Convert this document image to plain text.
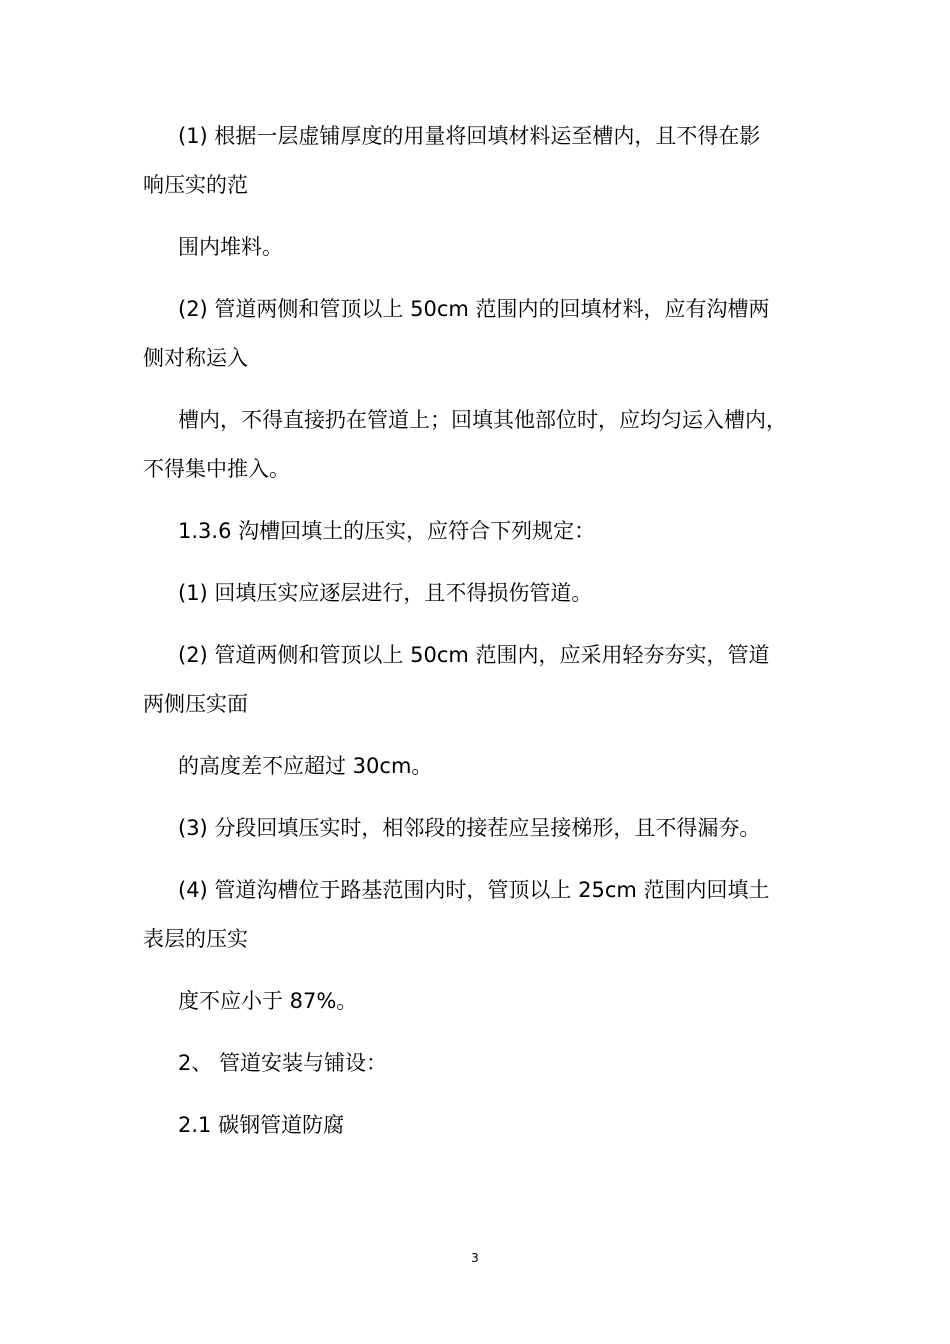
(1) 根据一层虚铺厚度的用量将回填材料运至槽内，且不得在影
响压实的范

围内堆料。

(2) 管道两侧和管顶以上 50cm 范围内的回填材料，应有沟槽两
侧对称运入

槽内，不得直接扔在管道上；回填其他部位时，应均匀运入槽内，
不得集中推入。

1.3.6 沟槽回填土的压实，应符合下列规定：

(1) 回填压实应逐层进行，且不得损伤管道。

(2) 管道两侧和管顶以上 50cm 范围内，应采用轻夯夯实，管道
两侧压实面

的高度差不应超过 30cm。

(3) 分段回填压实时，相邻段的接茬应呈接梯形，且不得漏夯。

(4) 管道沟槽位于路基范围内时，管顶以上 25cm 范围内回填土
表层的压实

度不应小于 87%。

2、 管道安装与铺设：

2.1 碳钢管道防腐

3
